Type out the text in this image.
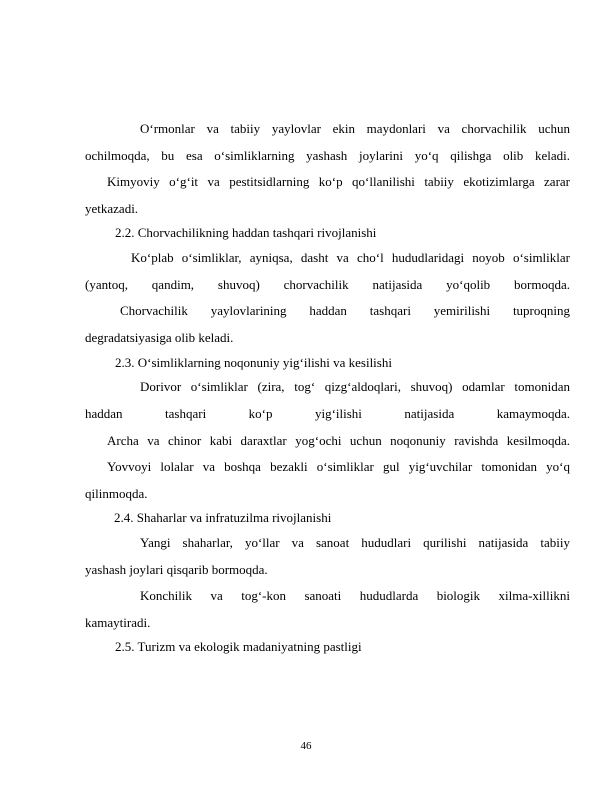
O‘rmonlar va tabiiy yaylovlar ekin maydonlari va chorvachilik uchun

ochilmoqda, bu esa o‘simliklarning yashash joylarini yo‘q qilishga olib keladi.

Kimyoviy o‘g‘it va pestitsidlarning ko‘p qo‘llanilishi tabiiy ekotizimlarga zarar

yetkazadi.

2.2. Chorvachilikning haddan tashqari rivojlanishi

Ko‘plab o‘simliklar, ayniqsa, dasht va cho‘l hududlaridagi noyob o‘simliklar

(yantoq, qandim, shuvoq) chorvachilik natijasida yo‘qolib bormoqda.

Chorvachilik yaylovlarining haddan tashqari yemirilishi tuproqning

degradatsiyasiga olib keladi.

2.3. O‘simliklarning noqonuniy yig‘ilishi va kesilishi

Dorivor o‘simliklar (zira, tog‘ qizg‘aldoqlari, shuvoq) odamlar tomonidan

haddan tashqari ko‘p yig‘ilishi natijasida kamaymoqda.

Archa va chinor kabi daraxtlar yog‘ochi uchun noqonuniy ravishda kesilmoqda.

Yovvoyi lolalar va boshqa bezakli o‘simliklar gul yig‘uvchilar tomonidan yo‘q

qilinmoqda.

2.4. Shaharlar va infratuzilma rivojlanishi

Yangi shaharlar, yo‘llar va sanoat hududlari qurilishi natijasida tabiiy

yashash joylari qisqarib bormoqda.

Konchilik va tog‘-kon sanoati hududlarda biologik xilma-xillikni

kamaytiradi.

2.5. Turizm va ekologik madaniyatning pastligi

46
